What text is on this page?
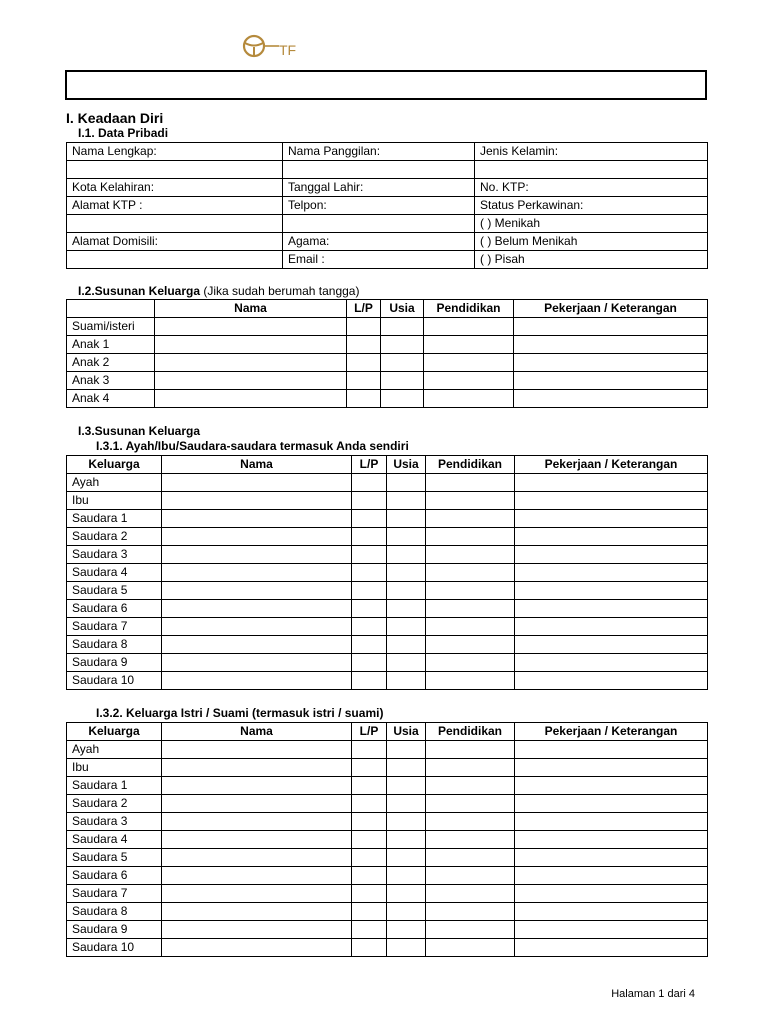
TF
I. Keadaan Diri
I.1. Data Pribadi
Nama Lengkap:	Nama Panggilan:	Jenis Kelamin:

Kota Kelahiran:	Tanggal Lahir:	No. KTP:
Alamat KTP :	Telpon:	Status Perkawinan:
		( ) Menikah
Alamat Domisili:	Agama:	( ) Belum Menikah
	Email :	( ) Pisah
I.2.Susunan Keluarga (Jika sudah berumah tangga)
	Nama	L/P	Usia	Pendidikan	Pekerjaan / Keterangan
Suami/isteri					
Anak 1					
Anak 2					
Anak 3					
Anak 4					
I.3.Susunan Keluarga
I.3.1. Ayah/Ibu/Saudara-saudara termasuk Anda sendiri
Keluarga	Nama	L/P	Usia	Pendidikan	Pekerjaan / Keterangan
Ayah					
Ibu					
Saudara 1					
Saudara 2					
Saudara 3					
Saudara 4					
Saudara 5					
Saudara 6					
Saudara 7					
Saudara 8					
Saudara 9					
Saudara 10					
I.3.2. Keluarga Istri / Suami (termasuk istri / suami)
Keluarga	Nama	L/P	Usia	Pendidikan	Pekerjaan / Keterangan
Ayah					
Ibu					
Saudara 1					
Saudara 2					
Saudara 3					
Saudara 4					
Saudara 5					
Saudara 6					
Saudara 7					
Saudara 8					
Saudara 9					
Saudara 10					
Halaman 1 dari 4
